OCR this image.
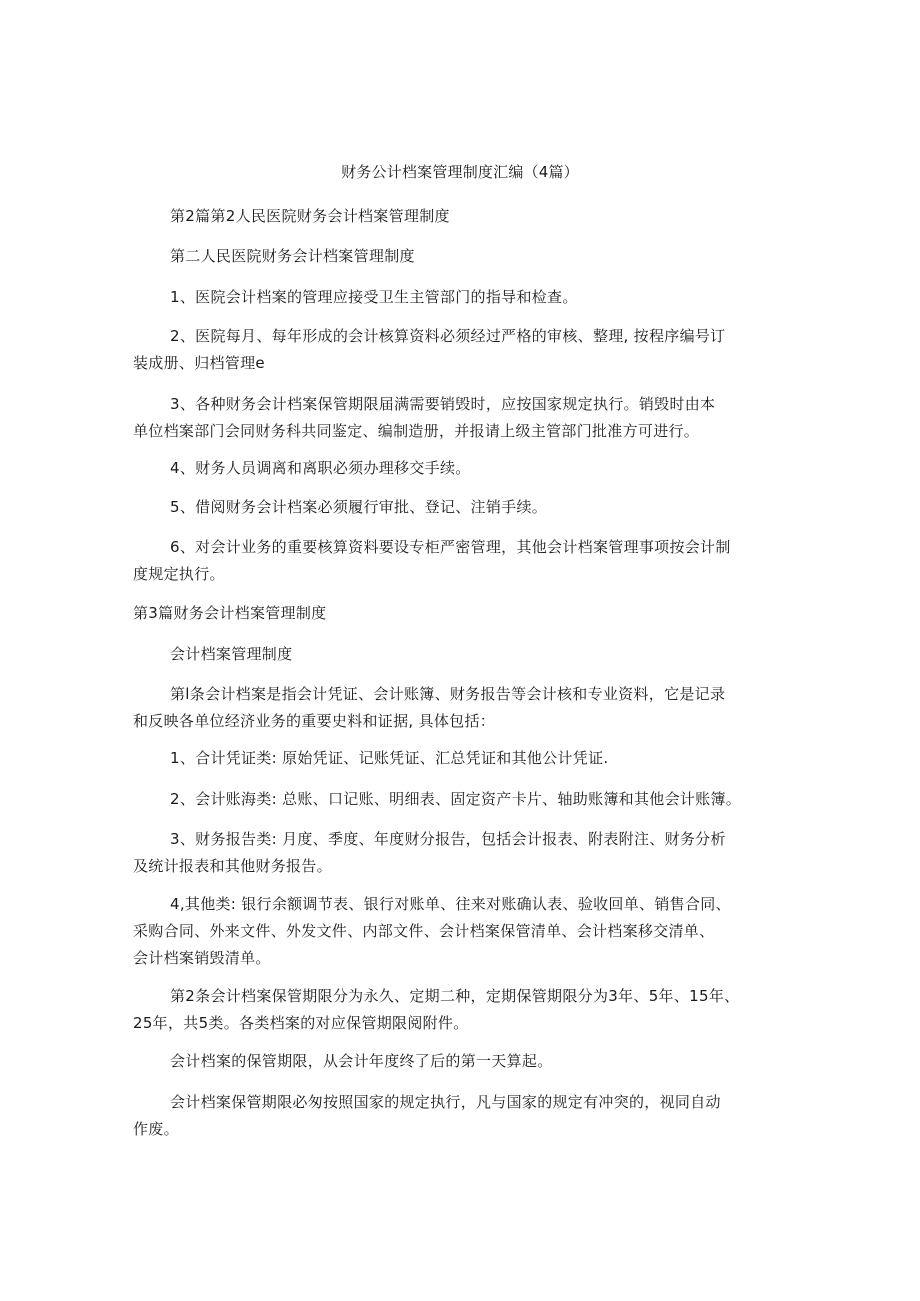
财务公计档案管理制度汇编（4篇）
第2篇第2人民医院财务会计档案管理制度
第二人民医院财务会计档案管理制度
1、医院会计档案的管理应接受卫生主管部门的指导和检查。
2、医院每月、每年形成的会计核算资料必须经过严格的审核、整理, 按程序编号订
装成册、归档管理e
3、各种财务会计档案保管期限届满需要销毁时，应按国家规定执行。销毁时由本
单位档案部门会同财务科共同鉴定、编制造册，并报请上级主管部门批准方可进行。
4、财务人员调离和离职必须办理移交手续。
5、借阅财务会计档案必须履行审批、登记、注销手续。
6、对会计业务的重要核算资料要设专柜严密管理，其他会计档案管理事项按会计制
度规定执行。
第3篇财务会计档案管理制度
会计档案管理制度
第l条会计档案是指会计凭证、会计账簿、财务报告等会计核和专业资料，它是记录
和反映各单位经济业务的重要史料和证据, 具体包括：
1、合计凭证类: 原始凭证、记账凭证、汇总凭证和其他公计凭证.
2、会计账海类: 总账、口记账、明细表、固定资产卡片、轴助账簿和其他会计账簿。
3、财务报告类: 月度、季度、年度财分报告，包括会计报表、附表附注、财务分析
及统计报表和其他财务报告。
4,其他类: 银行余额调节表、银行对账单、往来对账确认表、验收回单、销售合同、
采购合同、外来文件、外发文件、内部文件、会计档案保管清单、会计档案移交清单、
会计档案销毁清单。
第2条会计档案保管期限分为永久、定期二种，定期保管期限分为3年、5年、15年、
25年，共5类。各类档案的对应保管期限阅附件。
会计档案的保管期限，从会计年度终了后的第一天算起。
会计档案保管期限必匆按照国家的规定执行，凡与国家的规定有冲突的，视同自动
作废。
